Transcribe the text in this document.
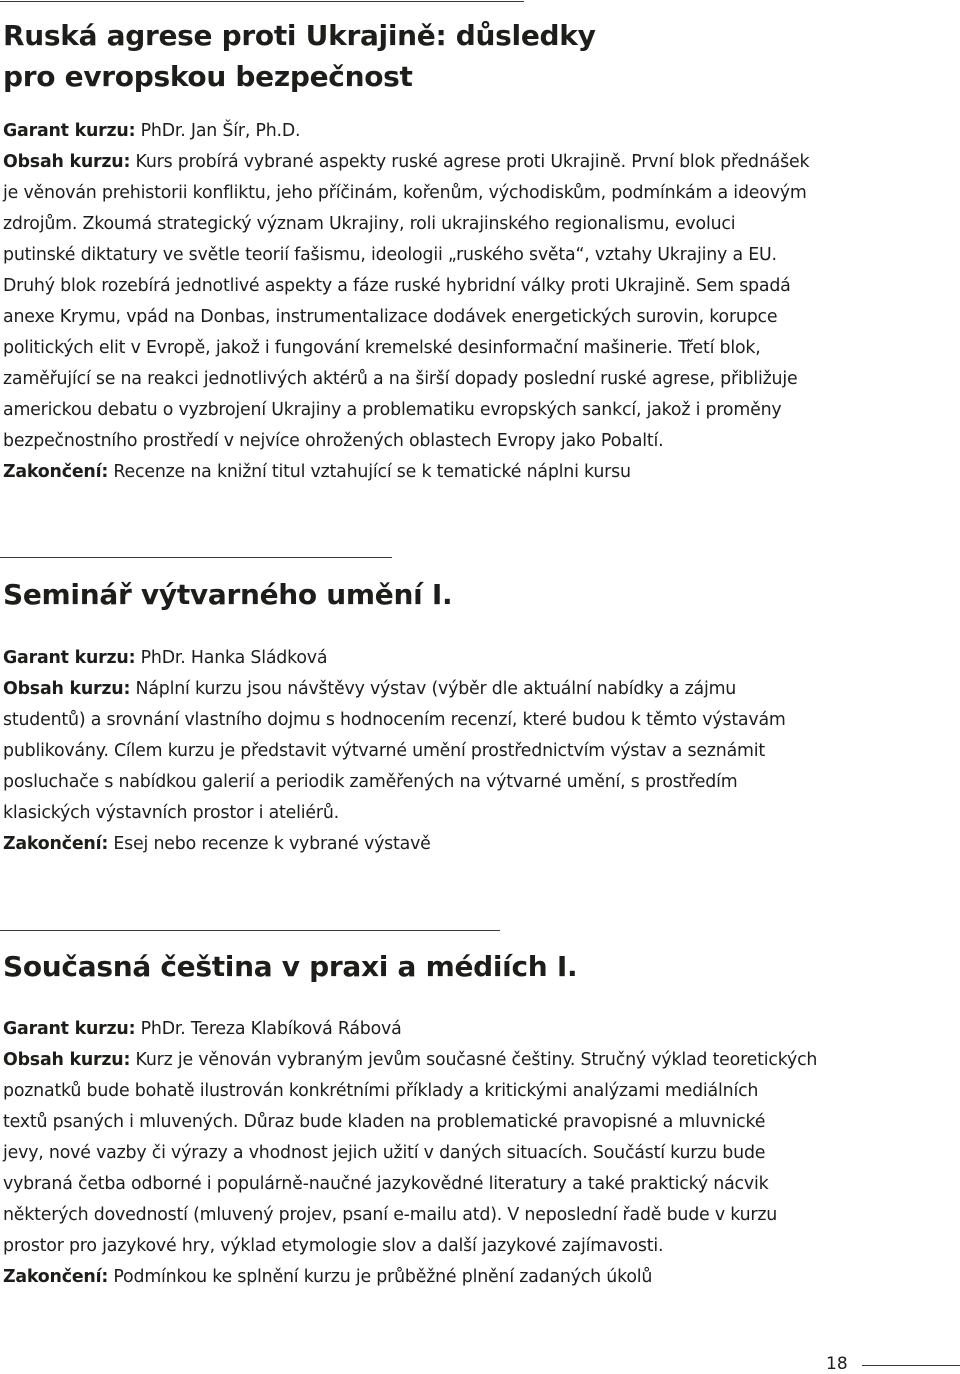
Ruská agrese proti Ukrajině: důsledky
pro evropskou bezpečnost

Garant kurzu: PhDr. Jan Šír, Ph.D.

Obsah kurzu: Kurs probírá vybrané aspekty ruské agrese proti Ukrajině. První blok přednášek

je věnován prehistorii konfliktu, jeho příčinám, kořenům, východiskům, podmínkám a ideovým

zdrojům. Zkoumá strategický význam Ukrajiny, roli ukrajinského regionalismu, evoluci

putinské diktatury ve světle teorií fašismu, ideologii „ruského světa“, vztahy Ukrajiny a EU.

Druhý blok rozebírá jednotlivé aspekty a fáze ruské hybridní války proti Ukrajině. Sem spadá

anexe Krymu, vpád na Donbas, instrumentalizace dodávek energetických surovin, korupce

politických elit v Evropě, jakož i fungování kremelské desinformační mašinerie. Třetí blok,

zaměřující se na reakci jednotlivých aktérů a na širší dopady poslední ruské agrese, přibližuje

americkou debatu o vyzbrojení Ukrajiny a problematiku evropských sankcí, jakož i proměny

bezpečnostního prostředí v nejvíce ohrožených oblastech Evropy jako Pobaltí.

Zakončení: Recenze na knižní titul vztahující se k tematické náplni kursu

Seminář výtvarného umění I.

Garant kurzu: PhDr. Hanka Sládková

Obsah kurzu: Náplní kurzu jsou návštěvy výstav (výběr dle aktuální nabídky a zájmu

studentů) a srovnání vlastního dojmu s hodnocením recenzí, které budou k těmto výstavám

publikovány. Cílem kurzu je představit výtvarné umění prostřednictvím výstav a seznámit

posluchače s nabídkou galerií a periodik zaměřených na výtvarné umění, s prostředím

klasických výstavních prostor i ateliérů.

Zakončení: Esej nebo recenze k vybrané výstavě

Současná čeština v praxi a médiích I.

Garant kurzu: PhDr. Tereza Klabíková Rábová

Obsah kurzu: Kurz je věnován vybraným jevům současné češtiny. Stručný výklad teoretických

poznatků bude bohatě ilustrován konkrétními příklady a kritickými analýzami mediálních

textů psaných i mluvených. Důraz bude kladen na problematické pravopisné a mluvnické

jevy, nové vazby či výrazy a vhodnost jejich užití v daných situacích. Součástí kurzu bude

vybraná četba odborné i populárně-naučné jazykovědné literatury a také praktický nácvik

některých dovedností (mluvený projev, psaní e-mailu atd). V neposlední řadě bude v kurzu

prostor pro jazykové hry, výklad etymologie slov a další jazykové zajímavosti.

Zakončení: Podmínkou ke splnění kurzu je průběžné plnění zadaných úkolů

18
